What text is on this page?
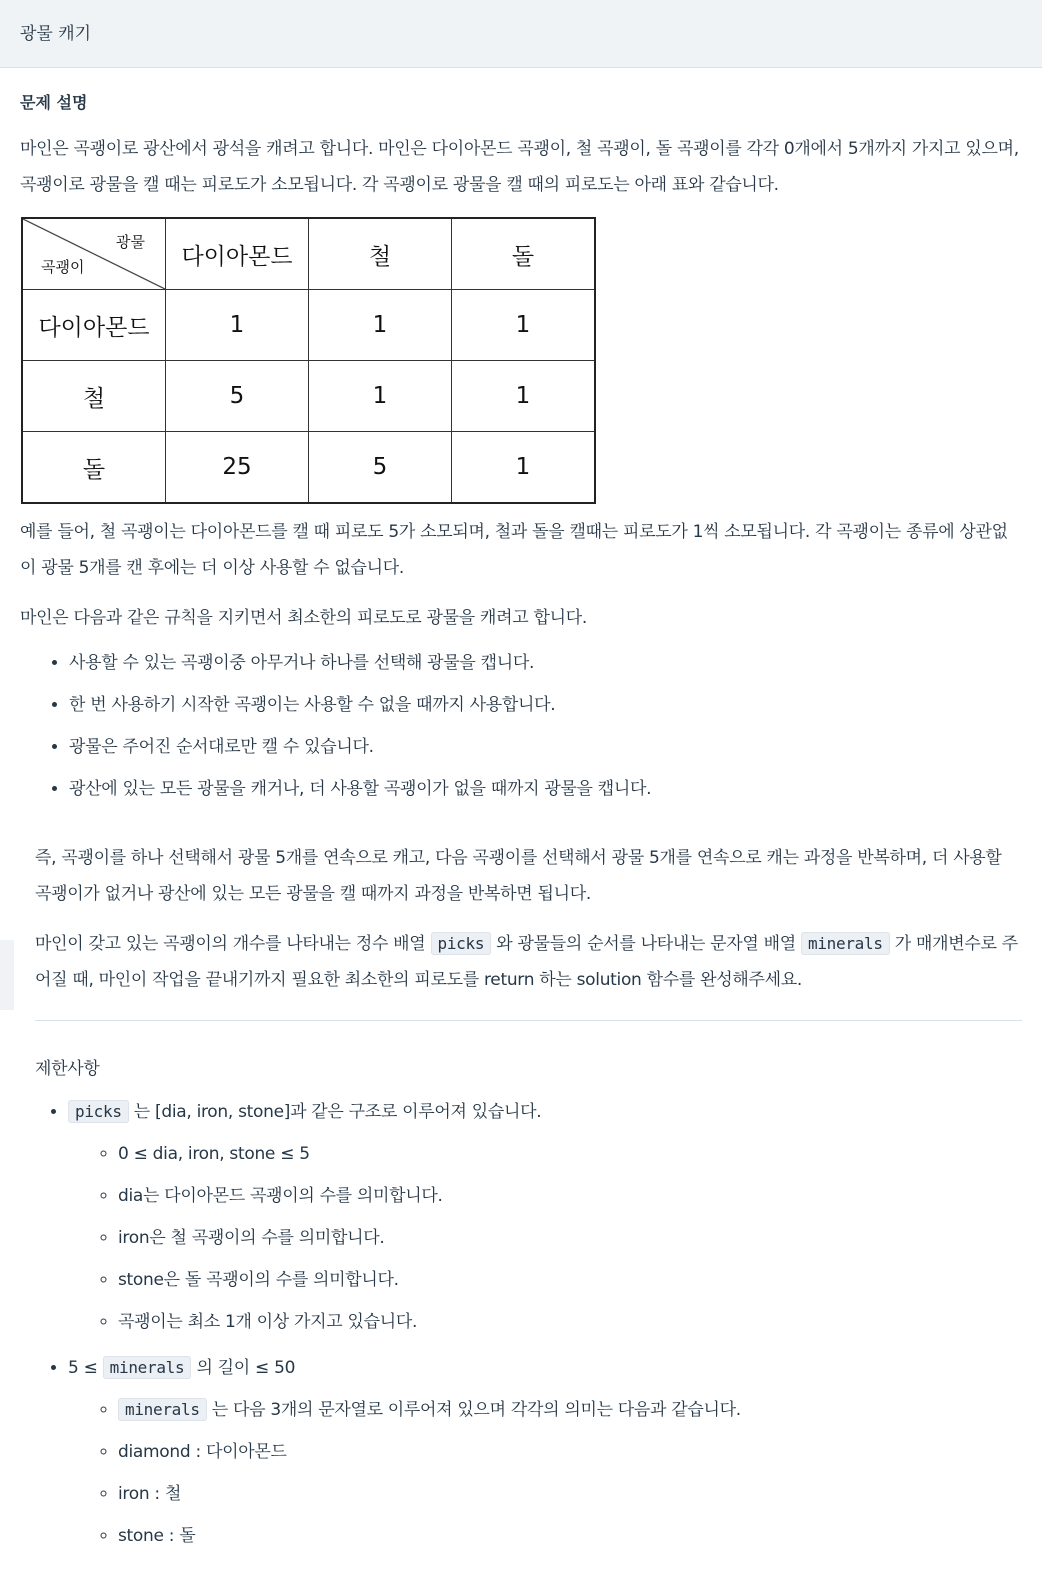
광물 캐기
문제 설명

마인은 곡괭이로 광산에서 광석을 캐려고 합니다. 마인은 다이아몬드 곡괭이, 철 곡괭이, 돌 곡괭이를 각각 0개에서 5개까지 가지고 있으며, 곡괭이로 광물을 캘 때는 피로도가 소모됩니다. 각 곡괭이로 광물을 캘 때의 피로도는 아래 표와 같습니다.

광물
곡괭이	다이아몬드	철	돌
다이아몬드	1	1	1
철	5	1	1
돌	25	5	1

예를 들어, 철 곡괭이는 다이아몬드를 캘 때 피로도 5가 소모되며, 철과 돌을 캘때는 피로도가 1씩 소모됩니다. 각 곡괭이는 종류에 상관없이 광물 5개를 캔 후에는 더 이상 사용할 수 없습니다.

마인은 다음과 같은 규칙을 지키면서 최소한의 피로도로 광물을 캐려고 합니다.

• 사용할 수 있는 곡괭이중 아무거나 하나를 선택해 광물을 캡니다.
• 한 번 사용하기 시작한 곡괭이는 사용할 수 없을 때까지 사용합니다.
• 광물은 주어진 순서대로만 캘 수 있습니다.
• 광산에 있는 모든 광물을 캐거나, 더 사용할 곡괭이가 없을 때까지 광물을 캡니다.

즉, 곡괭이를 하나 선택해서 광물 5개를 연속으로 캐고, 다음 곡괭이를 선택해서 광물 5개를 연속으로 캐는 과정을 반복하며, 더 사용할 곡괭이가 없거나 광산에 있는 모든 광물을 캘 때까지 과정을 반복하면 됩니다.

마인이 갖고 있는 곡괭이의 개수를 나타내는 정수 배열 picks 와 광물들의 순서를 나타내는 문자열 배열 minerals 가 매개변수로 주어질 때, 마인이 작업을 끝내기까지 필요한 최소한의 피로도를 return 하는 solution 함수를 완성해주세요.

제한사항

• picks 는 [dia, iron, stone]과 같은 구조로 이루어져 있습니다.
◦ 0 ≤ dia, iron, stone ≤ 5
◦ dia는 다이아몬드 곡괭이의 수를 의미합니다.
◦ iron은 철 곡괭이의 수를 의미합니다.
◦ stone은 돌 곡괭이의 수를 의미합니다.
◦ 곡괭이는 최소 1개 이상 가지고 있습니다.
• 5 ≤ minerals 의 길이 ≤ 50
◦ minerals 는 다음 3개의 문자열로 이루어져 있으며 각각의 의미는 다음과 같습니다.
◦ diamond : 다이아몬드
◦ iron : 철
◦ stone : 돌
